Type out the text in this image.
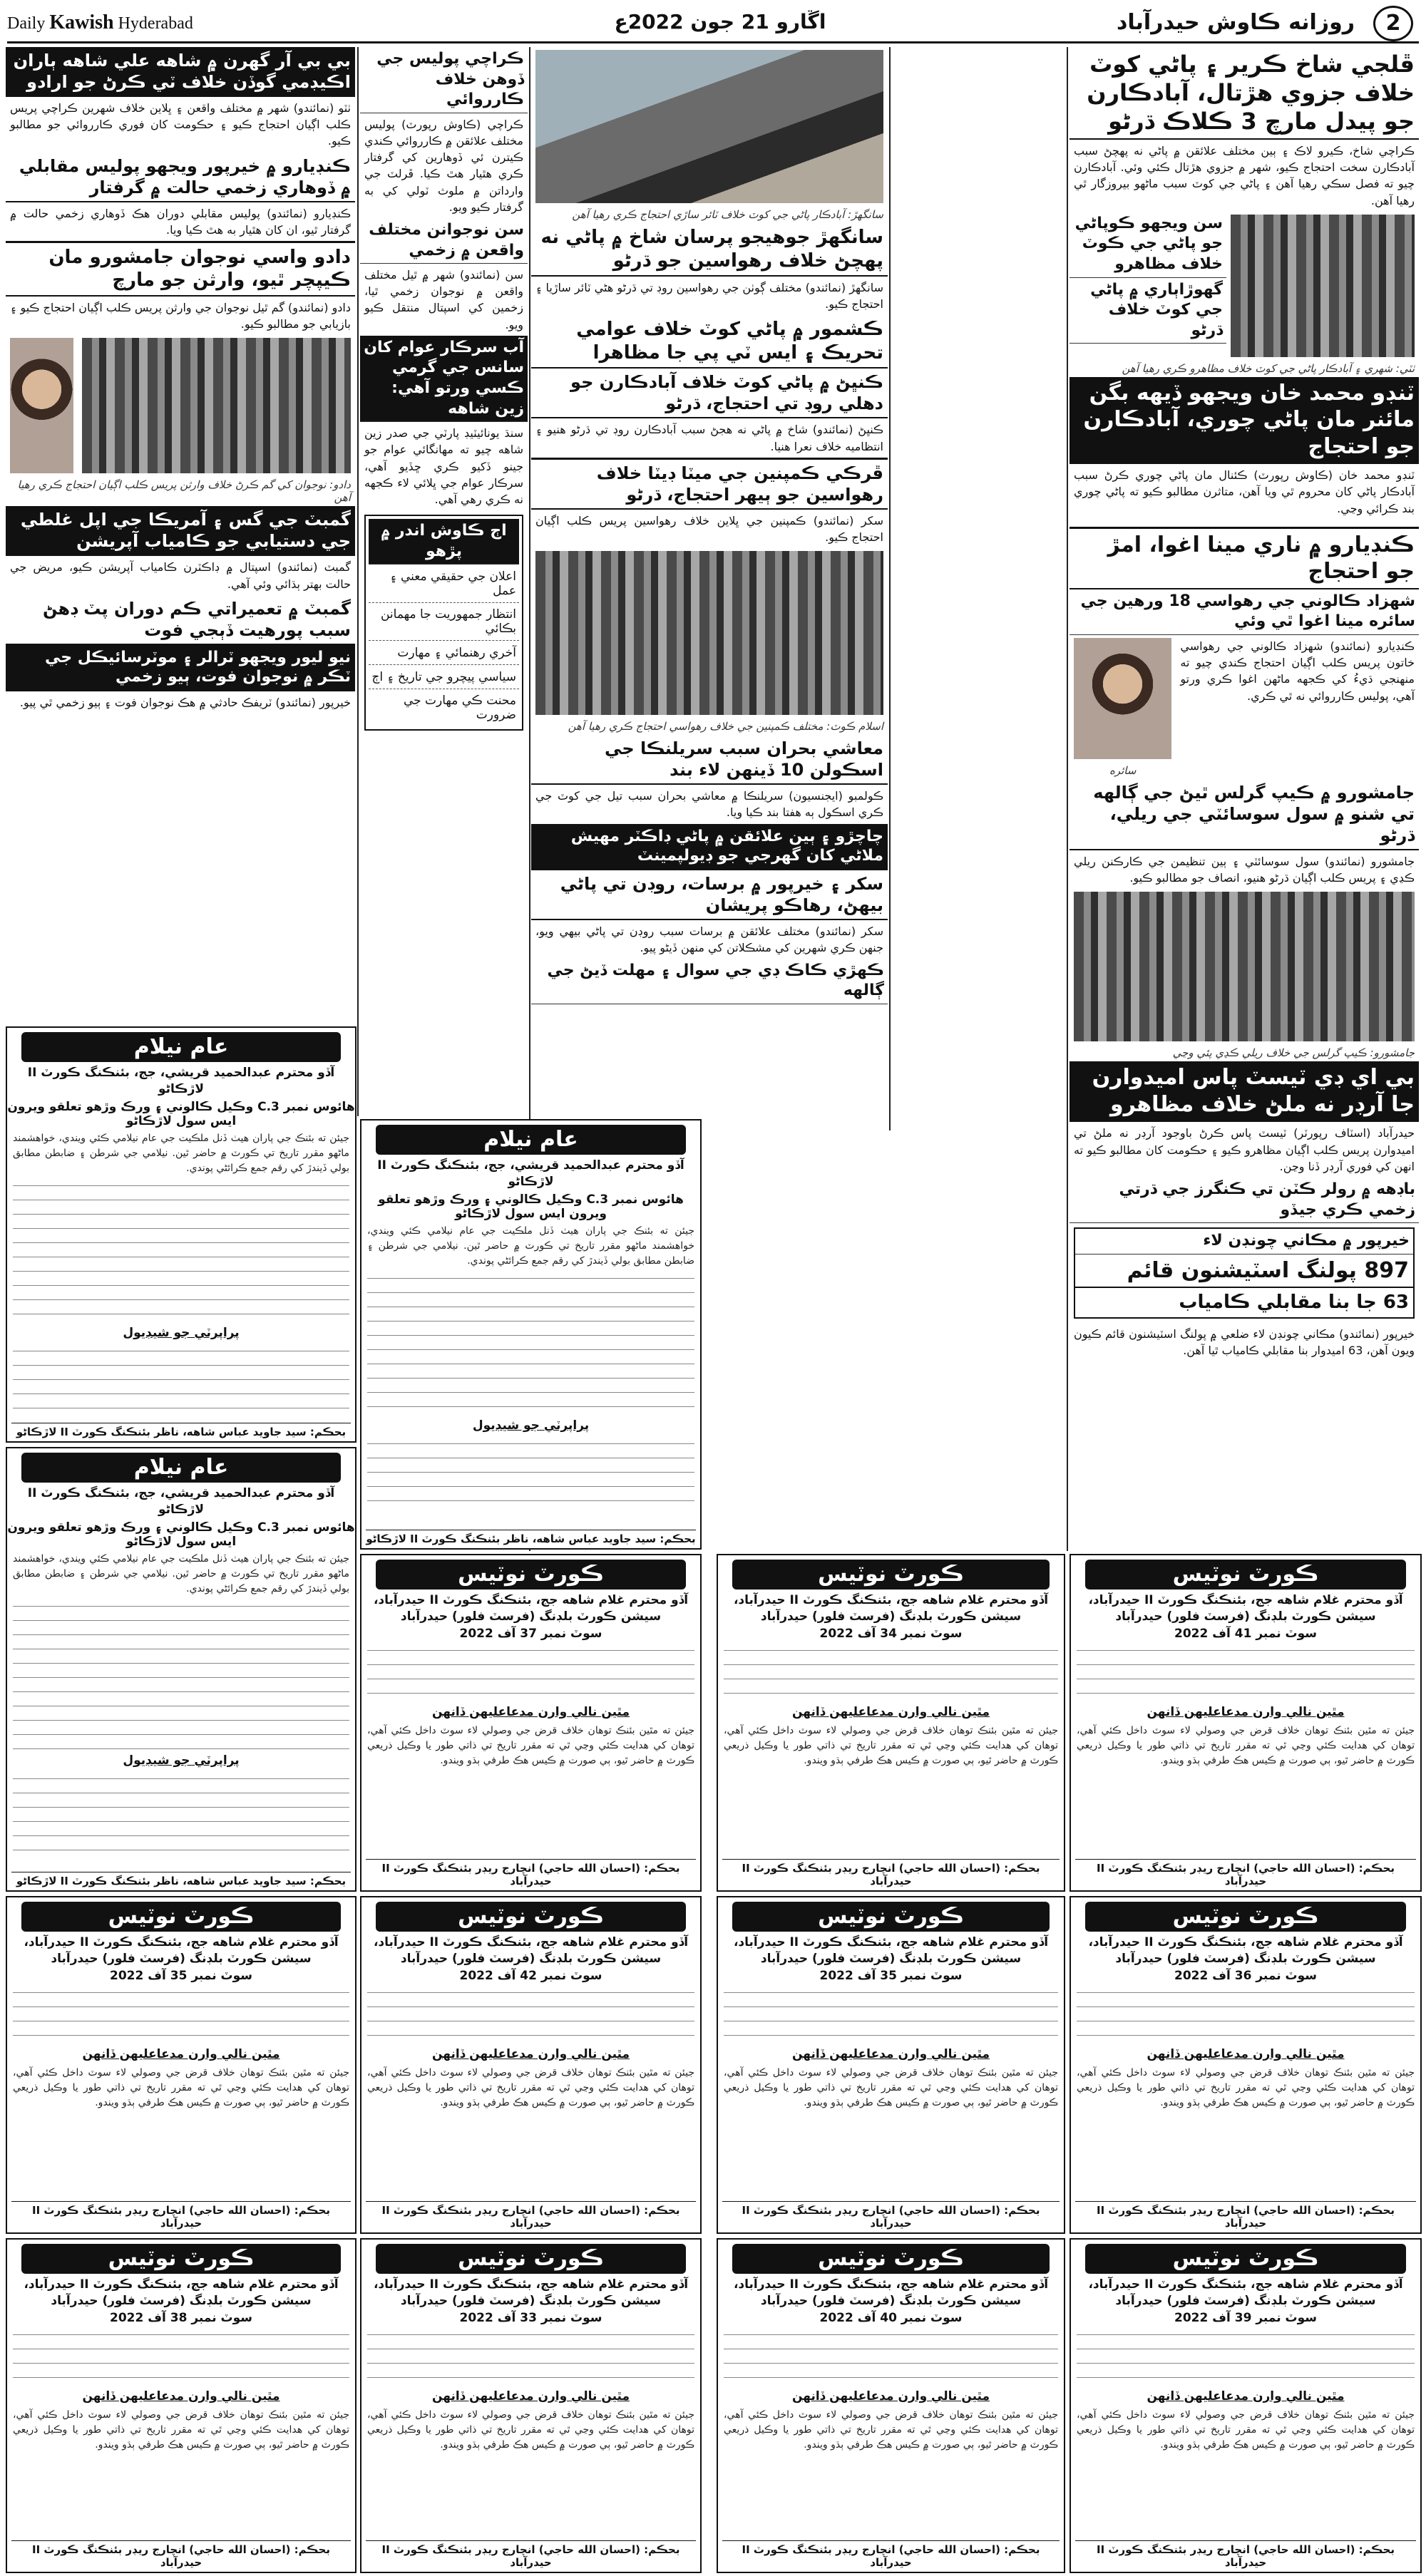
Daily Kawish Hyderabad	اڱارو 21 جون 2022ع	روزانه ڪاوش حيدرآباد	2
ڦلجي شاخ ڪرير ۽ پاڻي کوٽ خلاف جزوي هڙتال، آبادڪارن جو پيدل مارچ 3 ڪلاڪ ڌرڻو
ڪراچي شاخ، ڪيرو لاڪ ۽ ٻين مختلف علائقن ۾ پاڻي نه پهچڻ سبب آبادڪارن سخت احتجاج ڪيو، شهر ۾ جزوي هڙتال ڪئي وئي. آبادڪارن چيو ته فصل سڪي رهيا آهن ۽ پاڻي جي کوٽ سبب ماڻهو بيروزگار ٿي رهيا آهن.
سن ويجهو ڪوپاڻي جو پاڻي جي ڪوٽ خلاف مظاهرو
گهوڙاٻاري ۾ پاڻي جي کوٽ خلاف ڌرڻو
ٺٽي: شهري ۽ آبادڪار پاڻي جي کوٽ خلاف مظاهرو ڪري رهيا آهن
ٽنڊو محمد خان ويجهو ڏيهه بگن مائنر مان پاڻي چوري، آبادڪارن جو احتجاج
ٽنڊو محمد خان (ڪاوش رپورٽ) ڪئنال مان پاڻي چوري ڪرڻ سبب آبادڪار پاڻي کان محروم ٿي ويا آهن، متاثرن مطالبو ڪيو ته پاڻي چوري بند ڪرائي وڃي.
ڪنڊيارو ۾ ناري مينا اغوا، امڙ جو احتجاج
شهزاد ڪالوني جي رهواسي 18 ورهين جي سائره مينا اغوا ٿي وئي
ڪنڊيارو (نمائندو) شهزاد ڪالوني جي رهواسي خاتون پريس ڪلب اڳيان احتجاج ڪندي چيو ته منهنجي ڌيءُ کي ڪجهه ماڻهن اغوا ڪري ورتو آهي، پوليس ڪارروائي نه ٿي ڪري.
سائره
جامشورو ۾ ڪيپ گرلس ٿيڻ جي ڳالهه تي شنو ۾ سول سوسائٽي جي ريلي، ڌرڻو
جامشورو (نمائندو) سول سوسائٽي ۽ ٻين تنظيمن جي ڪارڪنن ريلي ڪڍي ۽ پريس ڪلب اڳيان ڌرڻو هنيو، انصاف جو مطالبو ڪيو.
جامشورو: ڪيپ گرلس جي خلاف ريلي ڪڍي پئي وڃي
بي اي ڊي ٽيسٽ پاس اميدوارن جا آرڊر نه ملڻ خلاف مظاهرو
حيدرآباد (اسٽاف رپورٽر) ٽيسٽ پاس ڪرڻ باوجود آرڊر نه ملڻ تي اميدوارن پريس ڪلب اڳيان مظاهرو ڪيو ۽ حڪومت کان مطالبو ڪيو ته انهن کي فوري آرڊر ڏنا وڃن.
باڊهه ۾ رولر ڪٽن تي ڪنگرز جي ڌرتي زخمي ڪري جيڏو
خيرپور ۾ مڪاني چونڊن لاء
897 پولنگ اسٽيشنون قائم
63 جا بنا مقابلي ڪامياب
خيرپور (نمائندو) مڪاني چونڊن لاء ضلعي ۾ پولنگ اسٽيشنون قائم ڪيون ويون آهن، 63 اميدوار بنا مقابلي ڪامياب ٿيا آهن.
سانگهڙ: آبادڪار پاڻي جي کوٽ خلاف ٽائر ساڙي احتجاج ڪري رهيا آهن
سانگهڙ جوهيجو پرسان شاخ ۾ پاڻي نه پهچڻ خلاف رهواسين جو ڌرڻو
سانگهڙ (نمائندو) مختلف ڳوٺن جي رهواسين روڊ تي ڌرڻو هڻي ٽائر ساڙيا ۽ احتجاج ڪيو.
ڪشمور ۾ پاڻي کوٽ خلاف عوامي تحريڪ ۽ ايس ٽي پي جا مظاهرا
ڪنڀڻ ۾ پاڻي کوٽ خلاف آبادڪارن جو دهلي روڊ تي احتجاج، ڌرڻو
ڪنڀڻ (نمائندو) شاخ ۾ پاڻي نه هجڻ سبب آبادڪارن روڊ تي ڌرڻو هنيو ۽ انتظاميه خلاف نعرا هنيا.
ڦرڪي ڪمپنين جي ميٽا ڊيٽا خلاف رهواسين جو ٻيهر احتجاج، ڌرڻو
سکر (نمائندو) ڪمپنين جي ڀلاين خلاف رهواسين پريس ڪلب اڳيان احتجاج ڪيو.
اسلام ڪوٽ: مختلف ڪمپنين جي خلاف رهواسي احتجاج ڪري رهيا آهن
معاشي بحران سبب سريلنڪا جي اسڪولن 10 ڏينهن لاء بند
ڪولمبو (ايجنسيون) سريلنڪا ۾ معاشي بحران سبب تيل جي کوٽ جي ڪري اسڪول ٻه هفتا بند ڪيا ويا.
چاچڙو ۽ ٻين علائقن ۾ پاڻي ڊاڪٽر مهيش ملاڻي کان گهرجي جو ڊيولپمينٽ
سکر ۽ خيرپور ۾ برسات، روڊن تي پاڻي بيهڻ، رهاڪو پريشان
سکر (نمائندو) مختلف علائقن ۾ برسات سبب روڊن تي پاڻي بيهي ويو، جنهن ڪري شهرين کي مشڪلاتن کي منهن ڏيڻو پيو.
ڪهڙي ڪاڪ ڊي جي سوال ۽ مهلت ڏيڻ جي ڳالهه
ڪراچي پوليس جي ڏوهن خلاف ڪارروائي
ڪراچي (ڪاوش رپورٽ) پوليس مختلف علائقن ۾ ڪارروائي ڪندي ڪيترن ئي ڏوهارين کي گرفتار ڪري هٿيار هٿ ڪيا. ڦرلٽ جي وارداتن ۾ ملوث ٽولي کي به گرفتار ڪيو ويو.
سن نوجوانن مختلف واقعن ۾ زخمي
سن (نمائندو) شهر ۾ ٿيل مختلف واقعن ۾ نوجوان زخمي ٿيا، زخمين کي اسپتال منتقل ڪيو ويو.
آب سرڪار عوام کان سانس جي گرمي ڪسي ورتو آهي: زين شاهه
سنڌ يونائيٽيڊ پارٽي جي صدر زين شاهه چيو ته مهانگائي عوام جو جينو ڏکيو ڪري ڇڏيو آهي، سرڪار عوام جي ڀلائي لاء ڪجهه نه ڪري رهي آهي.
اڄ ڪاوش اندر ۾ پڙهو
اعلان جي حقيقي معني ۽ عمل
انتظار جمهوريت جا مهمانن بڪائي
آخري رهنمائي ۽ مهارت
سياسي پيچرو جي تاريخ ۽ اڄ
محنت ڪي مهارت جي ضرورت
بي بي آر گهرن ۾ شاهه علي شاهه ٻاران اڪيڊمي گوڏن خلاف ٽي ڪرڻ جو ارادو
ٺٽو (نمائندو) شهر ۾ مختلف واقعن ۽ ڀلاين خلاف شهرين ڪراچي پريس ڪلب اڳيان احتجاج ڪيو ۽ حڪومت کان فوري ڪارروائي جو مطالبو ڪيو.
ڪنڊيارو ۾ خيرپور ويجهو پوليس مقابلي ۾ ڏوهاري زخمي حالت ۾ گرفتار
ڪنڊيارو (نمائندو) پوليس مقابلي دوران هڪ ڏوهاري زخمي حالت ۾ گرفتار ٿيو، ان کان هٿيار به هٿ ڪيا ويا.
دادو واسي نوجوان جامشورو مان ڪيپچر ٿيو، وارثن جو مارچ
دادو (نمائندو) گم ٿيل نوجوان جي وارثن پريس ڪلب اڳيان احتجاج ڪيو ۽ بازيابي جو مطالبو ڪيو.
دادو: نوجوان کي گم ڪرڻ خلاف وارثن پريس ڪلب اڳيان احتجاج ڪري رهيا آهن
گمبٽ جي گس ۽ آمريڪا جي اپل غلطي جي دستيابي جو ڪامياب آپريشن
گمبٽ (نمائندو) اسپتال ۾ ڊاڪٽرن ڪامياب آپريشن ڪيو، مريض جي حالت بهتر ٻڌائي وئي آهي.
گمبٽ ۾ تعميراتي ڪم دوران پٽ ڊهڻ سبب پورهيت ڏٻجي فوت
نيو ليور ويجهو ٽرالر ۽ موٽرسائيڪل جي ٽڪر ۾ نوجوان فوت، ٻيو زخمي
خيرپور (نمائندو) ٽريفڪ حادثي ۾ هڪ نوجوان فوت ۽ ٻيو زخمي ٿي پيو.
عام نيلام
آڏو محترم عبدالحميد قريشي، جج، بئنڪنگ ڪورٽ II لاڙڪاڻو
هائوس نمبر C.3 وڪيل ڪالوني ۽ ورڪ وڙهو تعلقو ويرون ايس سول لاڙڪاڻو
جيئن ته بئنڪ جي پاران هيٺ ڏنل ملڪيت جي عام نيلامي ڪئي ويندي، خواهشمند ماڻهو مقرر تاريخ تي ڪورٽ ۾ حاضر ٿين. نيلامي جي شرطن ۽ ضابطن مطابق بولي ڏيندڙ کي رقم جمع ڪرائڻي پوندي.
پراپرٽي جو شيڊيول
بحڪم: سيد جاويد عباس شاهه، ناظر بئنڪنگ ڪورٽ II لاڙڪاڻو
عام نيلام
آڏو محترم عبدالحميد قريشي، جج، بئنڪنگ ڪورٽ II لاڙڪاڻو
هائوس نمبر C.3 وڪيل ڪالوني ۽ ورڪ وڙهو تعلقو ويرون ايس سول لاڙڪاڻو
جيئن ته بئنڪ جي پاران هيٺ ڏنل ملڪيت جي عام نيلامي ڪئي ويندي، خواهشمند ماڻهو مقرر تاريخ تي ڪورٽ ۾ حاضر ٿين. نيلامي جي شرطن ۽ ضابطن مطابق بولي ڏيندڙ کي رقم جمع ڪرائڻي پوندي.
پراپرٽي جو شيڊيول
بحڪم: سيد جاويد عباس شاهه، ناظر بئنڪنگ ڪورٽ II لاڙڪاڻو
عام نيلام
آڏو محترم عبدالحميد قريشي، جج، بئنڪنگ ڪورٽ II لاڙڪاڻو
هائوس نمبر C.3 وڪيل ڪالوني ۽ ورڪ وڙهو تعلقو ويرون ايس سول لاڙڪاڻو
جيئن ته بئنڪ جي پاران هيٺ ڏنل ملڪيت جي عام نيلامي ڪئي ويندي، خواهشمند ماڻهو مقرر تاريخ تي ڪورٽ ۾ حاضر ٿين. نيلامي جي شرطن ۽ ضابطن مطابق بولي ڏيندڙ کي رقم جمع ڪرائڻي پوندي.
پراپرٽي جو شيڊيول
بحڪم: سيد جاويد عباس شاهه، ناظر بئنڪنگ ڪورٽ II لاڙڪاڻو
ڪورٽ نوٽيس
آڏو محترم غلام شاهه جج، بئنڪنگ ڪورٽ II حيدرآباد، سيشن ڪورٽ بلڊنگ (فرسٽ فلور) حيدرآباد
سوٽ نمبر 37 آف 2022
مٿين نالي وارن مدعاعليهن ڏانهن
جيئن ته مٿين بئنڪ توهان خلاف قرض جي وصولي لاء سوٽ داخل ڪئي آهي، توهان کي هدايت ڪئي وڃي ٿي ته مقرر تاريخ تي ذاتي طور يا وڪيل ذريعي ڪورٽ ۾ حاضر ٿيو، ٻي صورت ۾ ڪيس هڪ طرفي ٻڌو ويندو.
بحڪم: (احسان الله حاجي) انچارج ريڊر بئنڪنگ ڪورٽ II حيدرآباد
ڪورٽ نوٽيس
آڏو محترم غلام شاهه جج، بئنڪنگ ڪورٽ II حيدرآباد، سيشن ڪورٽ بلڊنگ (فرسٽ فلور) حيدرآباد
سوٽ نمبر 34 آف 2022
مٿين نالي وارن مدعاعليهن ڏانهن
جيئن ته مٿين بئنڪ توهان خلاف قرض جي وصولي لاء سوٽ داخل ڪئي آهي، توهان کي هدايت ڪئي وڃي ٿي ته مقرر تاريخ تي ذاتي طور يا وڪيل ذريعي ڪورٽ ۾ حاضر ٿيو، ٻي صورت ۾ ڪيس هڪ طرفي ٻڌو ويندو.
بحڪم: (احسان الله حاجي) انچارج ريڊر بئنڪنگ ڪورٽ II حيدرآباد
ڪورٽ نوٽيس
آڏو محترم غلام شاهه جج، بئنڪنگ ڪورٽ II حيدرآباد، سيشن ڪورٽ بلڊنگ (فرسٽ فلور) حيدرآباد
سوٽ نمبر 41 آف 2022
مٿين نالي وارن مدعاعليهن ڏانهن
جيئن ته مٿين بئنڪ توهان خلاف قرض جي وصولي لاء سوٽ داخل ڪئي آهي، توهان کي هدايت ڪئي وڃي ٿي ته مقرر تاريخ تي ذاتي طور يا وڪيل ذريعي ڪورٽ ۾ حاضر ٿيو، ٻي صورت ۾ ڪيس هڪ طرفي ٻڌو ويندو.
بحڪم: (احسان الله حاجي) انچارج ريڊر بئنڪنگ ڪورٽ II حيدرآباد
ڪورٽ نوٽيس
آڏو محترم غلام شاهه جج، بئنڪنگ ڪورٽ II حيدرآباد، سيشن ڪورٽ بلڊنگ (فرسٽ فلور) حيدرآباد
سوٽ نمبر 35 آف 2022
مٿين نالي وارن مدعاعليهن ڏانهن
جيئن ته مٿين بئنڪ توهان خلاف قرض جي وصولي لاء سوٽ داخل ڪئي آهي، توهان کي هدايت ڪئي وڃي ٿي ته مقرر تاريخ تي ذاتي طور يا وڪيل ذريعي ڪورٽ ۾ حاضر ٿيو، ٻي صورت ۾ ڪيس هڪ طرفي ٻڌو ويندو.
بحڪم: (احسان الله حاجي) انچارج ريڊر بئنڪنگ ڪورٽ II حيدرآباد
ڪورٽ نوٽيس
آڏو محترم غلام شاهه جج، بئنڪنگ ڪورٽ II حيدرآباد، سيشن ڪورٽ بلڊنگ (فرسٽ فلور) حيدرآباد
سوٽ نمبر 42 آف 2022
مٿين نالي وارن مدعاعليهن ڏانهن
جيئن ته مٿين بئنڪ توهان خلاف قرض جي وصولي لاء سوٽ داخل ڪئي آهي، توهان کي هدايت ڪئي وڃي ٿي ته مقرر تاريخ تي ذاتي طور يا وڪيل ذريعي ڪورٽ ۾ حاضر ٿيو، ٻي صورت ۾ ڪيس هڪ طرفي ٻڌو ويندو.
بحڪم: (احسان الله حاجي) انچارج ريڊر بئنڪنگ ڪورٽ II حيدرآباد
ڪورٽ نوٽيس
آڏو محترم غلام شاهه جج، بئنڪنگ ڪورٽ II حيدرآباد، سيشن ڪورٽ بلڊنگ (فرسٽ فلور) حيدرآباد
سوٽ نمبر 35 آف 2022
مٿين نالي وارن مدعاعليهن ڏانهن
جيئن ته مٿين بئنڪ توهان خلاف قرض جي وصولي لاء سوٽ داخل ڪئي آهي، توهان کي هدايت ڪئي وڃي ٿي ته مقرر تاريخ تي ذاتي طور يا وڪيل ذريعي ڪورٽ ۾ حاضر ٿيو، ٻي صورت ۾ ڪيس هڪ طرفي ٻڌو ويندو.
بحڪم: (احسان الله حاجي) انچارج ريڊر بئنڪنگ ڪورٽ II حيدرآباد
ڪورٽ نوٽيس
آڏو محترم غلام شاهه جج، بئنڪنگ ڪورٽ II حيدرآباد، سيشن ڪورٽ بلڊنگ (فرسٽ فلور) حيدرآباد
سوٽ نمبر 36 آف 2022
مٿين نالي وارن مدعاعليهن ڏانهن
جيئن ته مٿين بئنڪ توهان خلاف قرض جي وصولي لاء سوٽ داخل ڪئي آهي، توهان کي هدايت ڪئي وڃي ٿي ته مقرر تاريخ تي ذاتي طور يا وڪيل ذريعي ڪورٽ ۾ حاضر ٿيو، ٻي صورت ۾ ڪيس هڪ طرفي ٻڌو ويندو.
بحڪم: (احسان الله حاجي) انچارج ريڊر بئنڪنگ ڪورٽ II حيدرآباد
ڪورٽ نوٽيس
آڏو محترم غلام شاهه جج، بئنڪنگ ڪورٽ II حيدرآباد، سيشن ڪورٽ بلڊنگ (فرسٽ فلور) حيدرآباد
سوٽ نمبر 38 آف 2022
مٿين نالي وارن مدعاعليهن ڏانهن
جيئن ته مٿين بئنڪ توهان خلاف قرض جي وصولي لاء سوٽ داخل ڪئي آهي، توهان کي هدايت ڪئي وڃي ٿي ته مقرر تاريخ تي ذاتي طور يا وڪيل ذريعي ڪورٽ ۾ حاضر ٿيو، ٻي صورت ۾ ڪيس هڪ طرفي ٻڌو ويندو.
بحڪم: (احسان الله حاجي) انچارج ريڊر بئنڪنگ ڪورٽ II حيدرآباد
ڪورٽ نوٽيس
آڏو محترم غلام شاهه جج، بئنڪنگ ڪورٽ II حيدرآباد، سيشن ڪورٽ بلڊنگ (فرسٽ فلور) حيدرآباد
سوٽ نمبر 33 آف 2022
مٿين نالي وارن مدعاعليهن ڏانهن
جيئن ته مٿين بئنڪ توهان خلاف قرض جي وصولي لاء سوٽ داخل ڪئي آهي، توهان کي هدايت ڪئي وڃي ٿي ته مقرر تاريخ تي ذاتي طور يا وڪيل ذريعي ڪورٽ ۾ حاضر ٿيو، ٻي صورت ۾ ڪيس هڪ طرفي ٻڌو ويندو.
بحڪم: (احسان الله حاجي) انچارج ريڊر بئنڪنگ ڪورٽ II حيدرآباد
ڪورٽ نوٽيس
آڏو محترم غلام شاهه جج، بئنڪنگ ڪورٽ II حيدرآباد، سيشن ڪورٽ بلڊنگ (فرسٽ فلور) حيدرآباد
سوٽ نمبر 40 آف 2022
مٿين نالي وارن مدعاعليهن ڏانهن
جيئن ته مٿين بئنڪ توهان خلاف قرض جي وصولي لاء سوٽ داخل ڪئي آهي، توهان کي هدايت ڪئي وڃي ٿي ته مقرر تاريخ تي ذاتي طور يا وڪيل ذريعي ڪورٽ ۾ حاضر ٿيو، ٻي صورت ۾ ڪيس هڪ طرفي ٻڌو ويندو.
بحڪم: (احسان الله حاجي) انچارج ريڊر بئنڪنگ ڪورٽ II حيدرآباد
ڪورٽ نوٽيس
آڏو محترم غلام شاهه جج، بئنڪنگ ڪورٽ II حيدرآباد، سيشن ڪورٽ بلڊنگ (فرسٽ فلور) حيدرآباد
سوٽ نمبر 39 آف 2022
مٿين نالي وارن مدعاعليهن ڏانهن
جيئن ته مٿين بئنڪ توهان خلاف قرض جي وصولي لاء سوٽ داخل ڪئي آهي، توهان کي هدايت ڪئي وڃي ٿي ته مقرر تاريخ تي ذاتي طور يا وڪيل ذريعي ڪورٽ ۾ حاضر ٿيو، ٻي صورت ۾ ڪيس هڪ طرفي ٻڌو ويندو.
بحڪم: (احسان الله حاجي) انچارج ريڊر بئنڪنگ ڪورٽ II حيدرآباد
